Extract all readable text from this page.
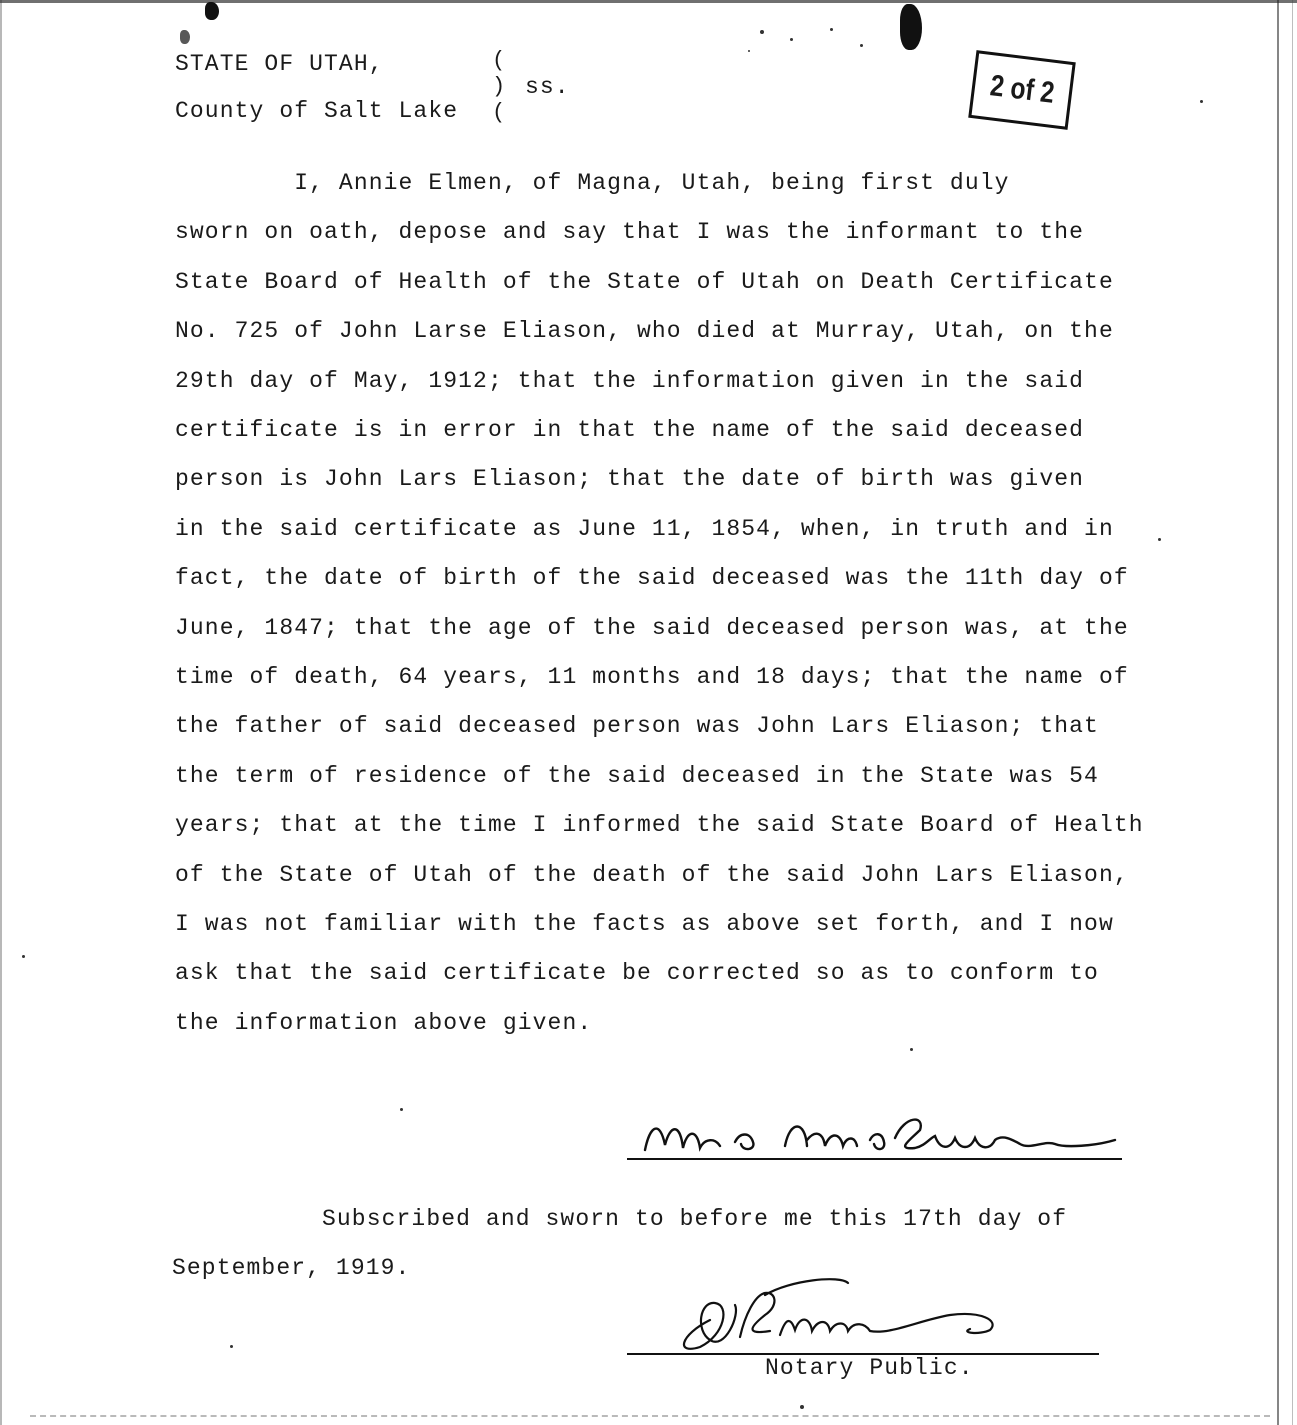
STATE OF UTAH,
County of Salt Lake
(
)
(
ss.	2 of 2
I, Annie Elmen, of Magna, Utah, being first duly
sworn on oath, depose and say that I was the informant to the
State Board of Health of the State of Utah on Death Certificate
No. 725 of John Larse Eliason, who died at Murray, Utah, on the
29th day of May, 1912; that the information given in the said
certificate is in error in that the name of the said deceased
person is John Lars Eliason; that the date of birth was given
in the said certificate as June 11, 1854, when, in truth and in
fact, the date of birth of the said deceased was the 11th day of
June, 1847; that the age of the said deceased person was, at the
time of death, 64 years, 11 months and 18 days; that the name of
the father of said deceased person was John Lars Eliason; that
the term of residence of the said deceased in the State was 54
years; that at the time I informed the said State Board of Health
of the State of Utah of the death of the said John Lars Eliason,
I was not familiar with the facts as above set forth, and I now
ask that the said certificate be corrected so as to conform to
the information above given.
Subscribed and sworn to before me this 17th day of
September, 1919.
Notary Public.
